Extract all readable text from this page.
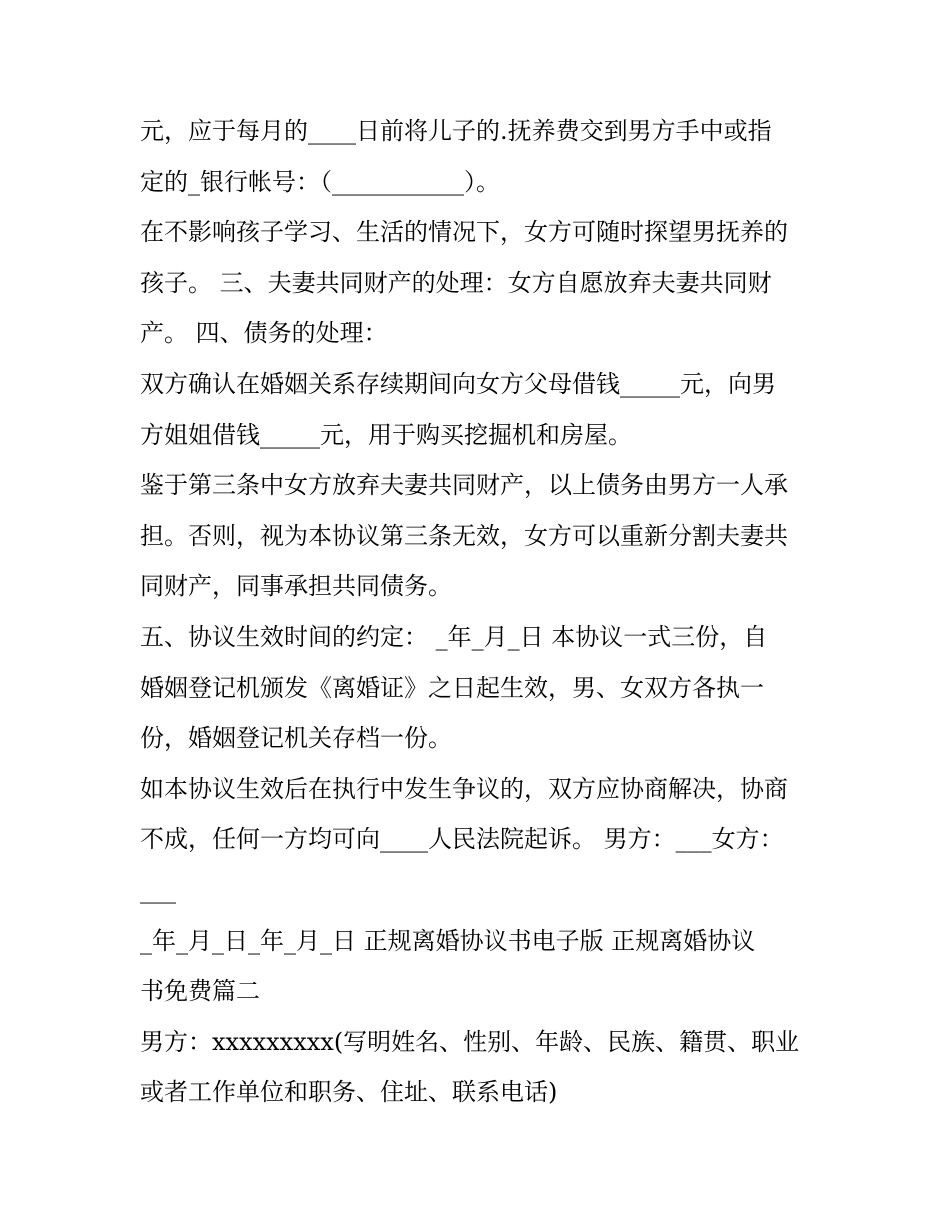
元，应于每月的____日前将儿子的.抚养费交到男方手中或指
定的_银行帐号：（___________）。
在不影响孩子学习、生活的情况下，女方可随时探望男抚养的
孩子。 三、夫妻共同财产的处理：女方自愿放弃夫妻共同财
产。 四、债务的处理：
双方确认在婚姻关系存续期间向女方父母借钱_____元，向男
方姐姐借钱_____元，用于购买挖掘机和房屋。
鉴于第三条中女方放弃夫妻共同财产，以上债务由男方一人承
担。否则，视为本协议第三条无效，女方可以重新分割夫妻共
同财产，同事承担共同债务。
五、协议生效时间的约定： _年_月_日 本协议一式三份，自
婚姻登记机颁发《离婚证》之日起生效，男、女双方各执一
份，婚姻登记机关存档一份。
如本协议生效后在执行中发生争议的，双方应协商解决，协商
不成，任何一方均可向____人民法院起诉。 男方：___女方：
___
_年_月_日_年_月_日 正规离婚协议书电子版 正规离婚协议
书免费篇二
男方：xxxxxxxxx(写明姓名、性别、年龄、民族、籍贯、职业
或者工作单位和职务、住址、联系电话)
